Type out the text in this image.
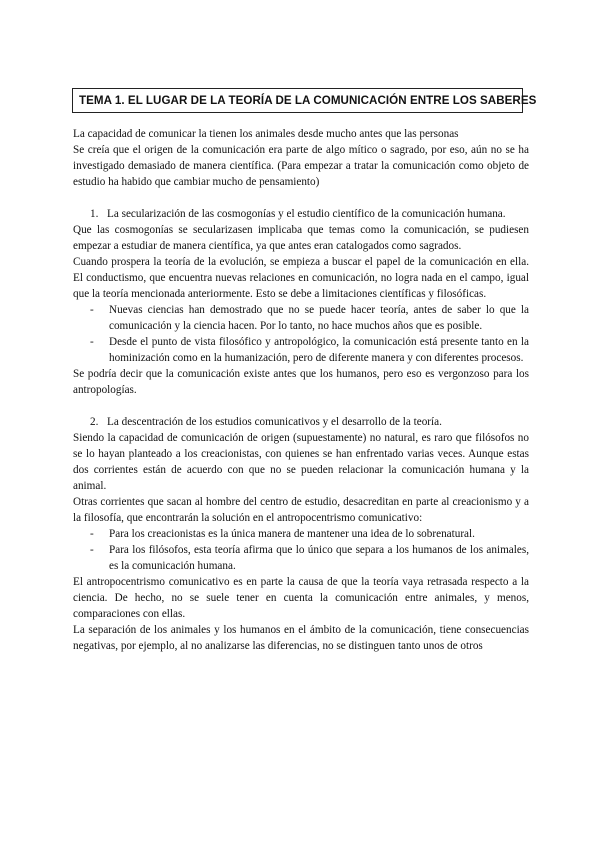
TEMA 1. EL LUGAR DE LA TEORÍA DE LA COMUNICACIÓN ENTRE LOS SABERES

La capacidad de comunicar la tienen los animales desde mucho antes que las personas

Se creía que el origen de la comunicación era parte de algo mítico o sagrado, por eso, aún no se ha investigado demasiado de manera científica. (Para empezar a tratar la comunicación como objeto de estudio ha habido que cambiar mucho de pensamiento)

1. La secularización de las cosmogonías y el estudio científico de la comunicación humana.

Que las cosmogonías se secularizasen implicaba que temas como la comunicación, se pudiesen empezar a estudiar de manera científica, ya que antes eran catalogados como sagrados.

Cuando prospera la teoría de la evolución, se empieza a buscar el papel de la comunicación en ella. El conductismo, que encuentra nuevas relaciones en comunicación, no logra nada en el campo, igual que la teoría mencionada anteriormente. Esto se debe a limitaciones científicas y filosóficas.

-	Nuevas ciencias han demostrado que no se puede hacer teoría, antes de saber lo que la comunicación y la ciencia hacen. Por lo tanto, no hace muchos años que es posible.
-	Desde el punto de vista filosófico y antropológico, la comunicación está presente tanto en la hominización como en la humanización, pero de diferente manera y con diferentes procesos.

Se podría decir que la comunicación existe antes que los humanos, pero eso es vergonzoso para los antropologías.

2. La descentración de los estudios comunicativos y el desarrollo de la teoría.

Siendo la capacidad de comunicación de origen (supuestamente) no natural, es raro que filósofos no se lo hayan planteado a los creacionistas, con quienes se han enfrentado varias veces. Aunque estas dos corrientes están de acuerdo con que no se pueden relacionar la comunicación humana y la animal.

Otras corrientes que sacan al hombre del centro de estudio, desacreditan en parte al creacionismo y a la filosofía, que encontrarán la solución en el antropocentrismo comunicativo:

-	Para los creacionistas es la única manera de mantener una idea de lo sobrenatural.
-	Para los filósofos, esta teoría afirma que lo único que separa a los humanos de los animales, es la comunicación humana.

El antropocentrismo comunicativo es en parte la causa de que la teoría vaya retrasada respecto a la ciencia. De hecho, no se suele tener en cuenta la comunicación entre animales, y menos, comparaciones con ellas.

La separación de los animales y los humanos en el ámbito de la comunicación, tiene consecuencias negativas, por ejemplo, al no analizarse las diferencias, no se distinguen tanto unos de otros
